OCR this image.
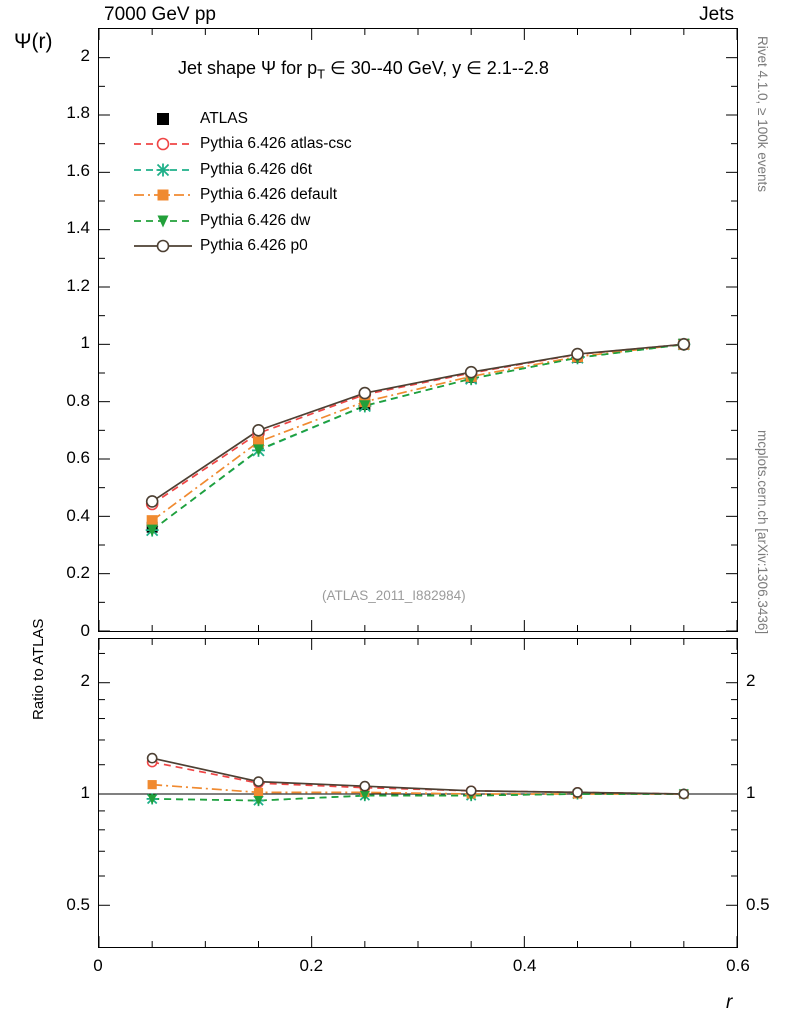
7000 GeV pp	Jets
Rivet 4.1.0, ≥ 100k events
mcplots.cern.ch [arXiv:1306.3436]
Ψ(r)
Jet shape Ψ for $p_T$ ∈ 30--40 GeV, y ∈ 2.1--2.8
(ATLAS_2011_I882984)
ATLAS
Pythia 6.426 atlas-csc
Pythia 6.426 d6t
Pythia 6.426 default
Pythia 6.426 dw
Pythia 6.426 p0
Ratio to ATLAS
r
0
0.2
0.4
0.6
0.8
1
1.2
1.4
1.6
1.8
2
0.5	0.5
1	1
2	2
0	0.2	0.4	0.6
